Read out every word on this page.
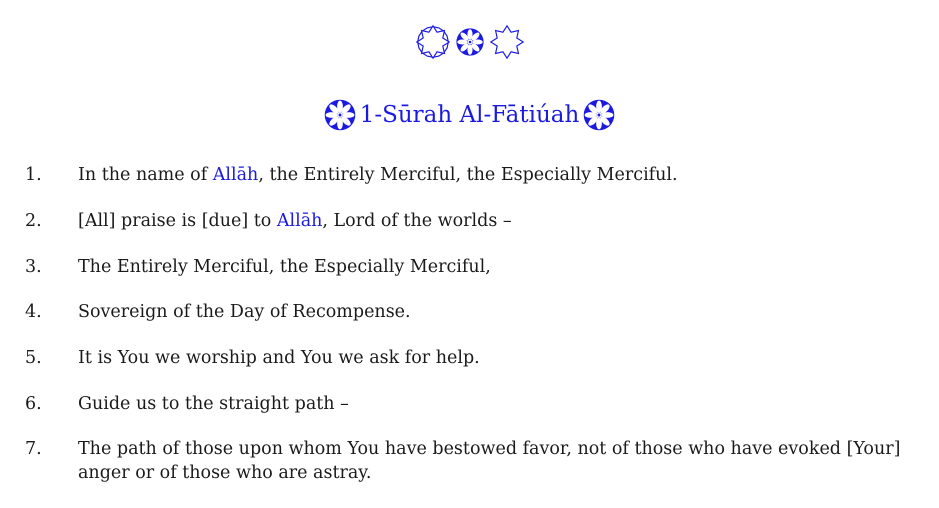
1-Sūrah Al-Fātiúah
1.	In the name of Allāh, the Entirely Merciful, the Especially Merciful.
2.	[All] praise is [due] to Allāh, Lord of the worlds –
3.	The Entirely Merciful, the Especially Merciful,
4.	Sovereign of the Day of Recompense.
5.	It is You we worship and You we ask for help.
6.	Guide us to the straight path –
7.	The path of those upon whom You have bestowed favor, not of those who have evoked [Your] anger or of those who are astray.
